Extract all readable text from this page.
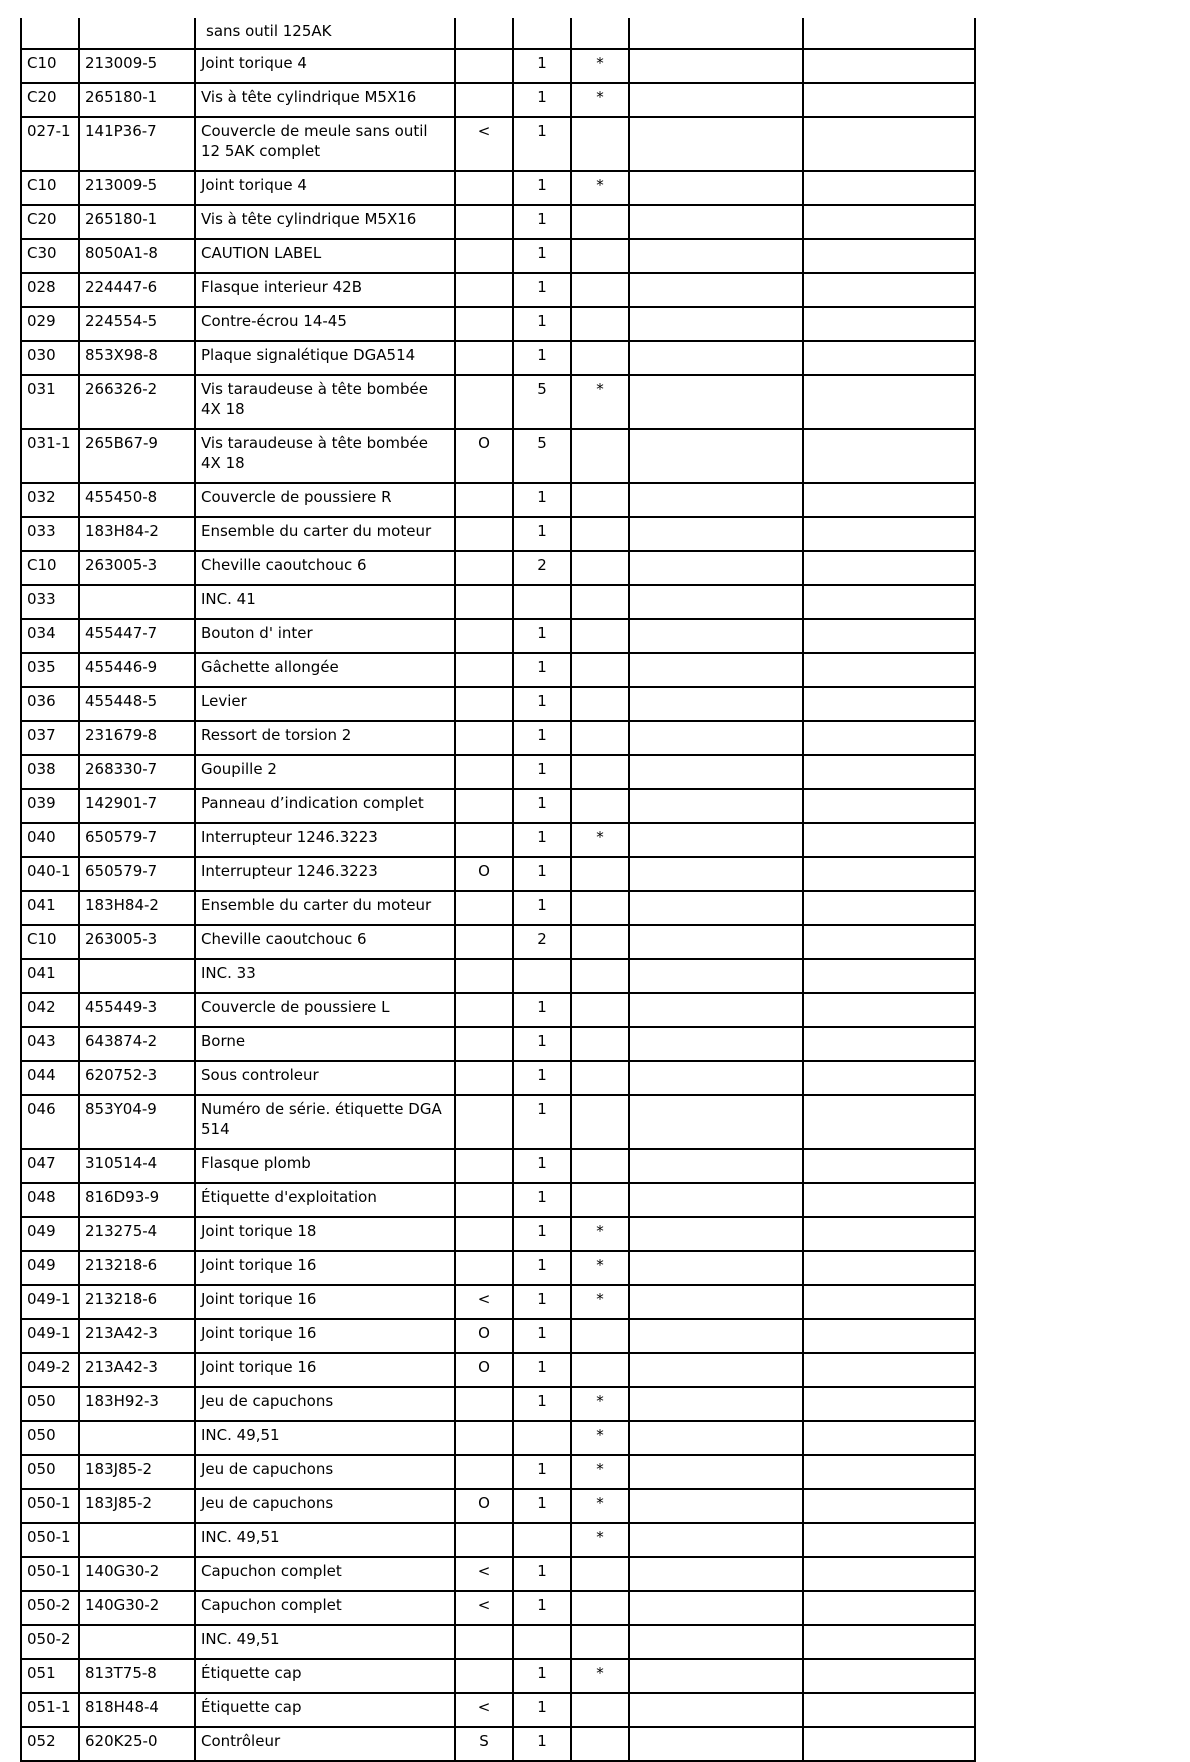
		sans outil 125AK					
C10	213009-5	Joint torique 4		1	*		
C20	265180-1	Vis à tête cylindrique M5X16		1	*		
027-1	141P36-7	Couvercle de meule sans outil 12 5AK complet	<	1			
C10	213009-5	Joint torique 4		1	*		
C20	265180-1	Vis à tête cylindrique M5X16		1			
C30	8050A1-8	CAUTION LABEL		1			
028	224447-6	Flasque interieur 42B		1			
029	224554-5	Contre-écrou 14-45		1			
030	853X98-8	Plaque signalétique DGA514		1			
031	266326-2	Vis taraudeuse à tête bombée 4X 18		5	*		
031-1	265B67-9	Vis taraudeuse à tête bombée 4X 18	O	5			
032	455450-8	Couvercle de poussiere R		1			
033	183H84-2	Ensemble du carter du moteur		1			
C10	263005-3	Cheville caoutchouc 6		2			
033		INC. 41					
034	455447-7	Bouton d' inter		1			
035	455446-9	Gâchette allongée		1			
036	455448-5	Levier		1			
037	231679-8	Ressort de torsion 2		1			
038	268330-7	Goupille 2		1			
039	142901-7	Panneau d’indication complet		1			
040	650579-7	Interrupteur 1246.3223		1	*		
040-1	650579-7	Interrupteur 1246.3223	O	1			
041	183H84-2	Ensemble du carter du moteur		1			
C10	263005-3	Cheville caoutchouc 6		2			
041		INC. 33					
042	455449-3	Couvercle de poussiere L		1			
043	643874-2	Borne		1			
044	620752-3	Sous controleur		1			
046	853Y04-9	Numéro de série. étiquette DGA 514		1			
047	310514-4	Flasque plomb		1			
048	816D93-9	Étiquette d'exploitation		1			
049	213275-4	Joint torique 18		1	*		
049	213218-6	Joint torique 16		1	*		
049-1	213218-6	Joint torique 16	<	1	*		
049-1	213A42-3	Joint torique 16	O	1			
049-2	213A42-3	Joint torique 16	O	1			
050	183H92-3	Jeu de capuchons		1	*		
050		INC. 49,51			*		
050	183J85-2	Jeu de capuchons		1	*		
050-1	183J85-2	Jeu de capuchons	O	1	*		
050-1		INC. 49,51			*		
050-1	140G30-2	Capuchon complet	<	1			
050-2	140G30-2	Capuchon complet	<	1			
050-2		INC. 49,51					
051	813T75-8	Étiquette cap		1	*		
051-1	818H48-4	Étiquette cap	<	1			
052	620K25-0	Contrôleur	S	1			
